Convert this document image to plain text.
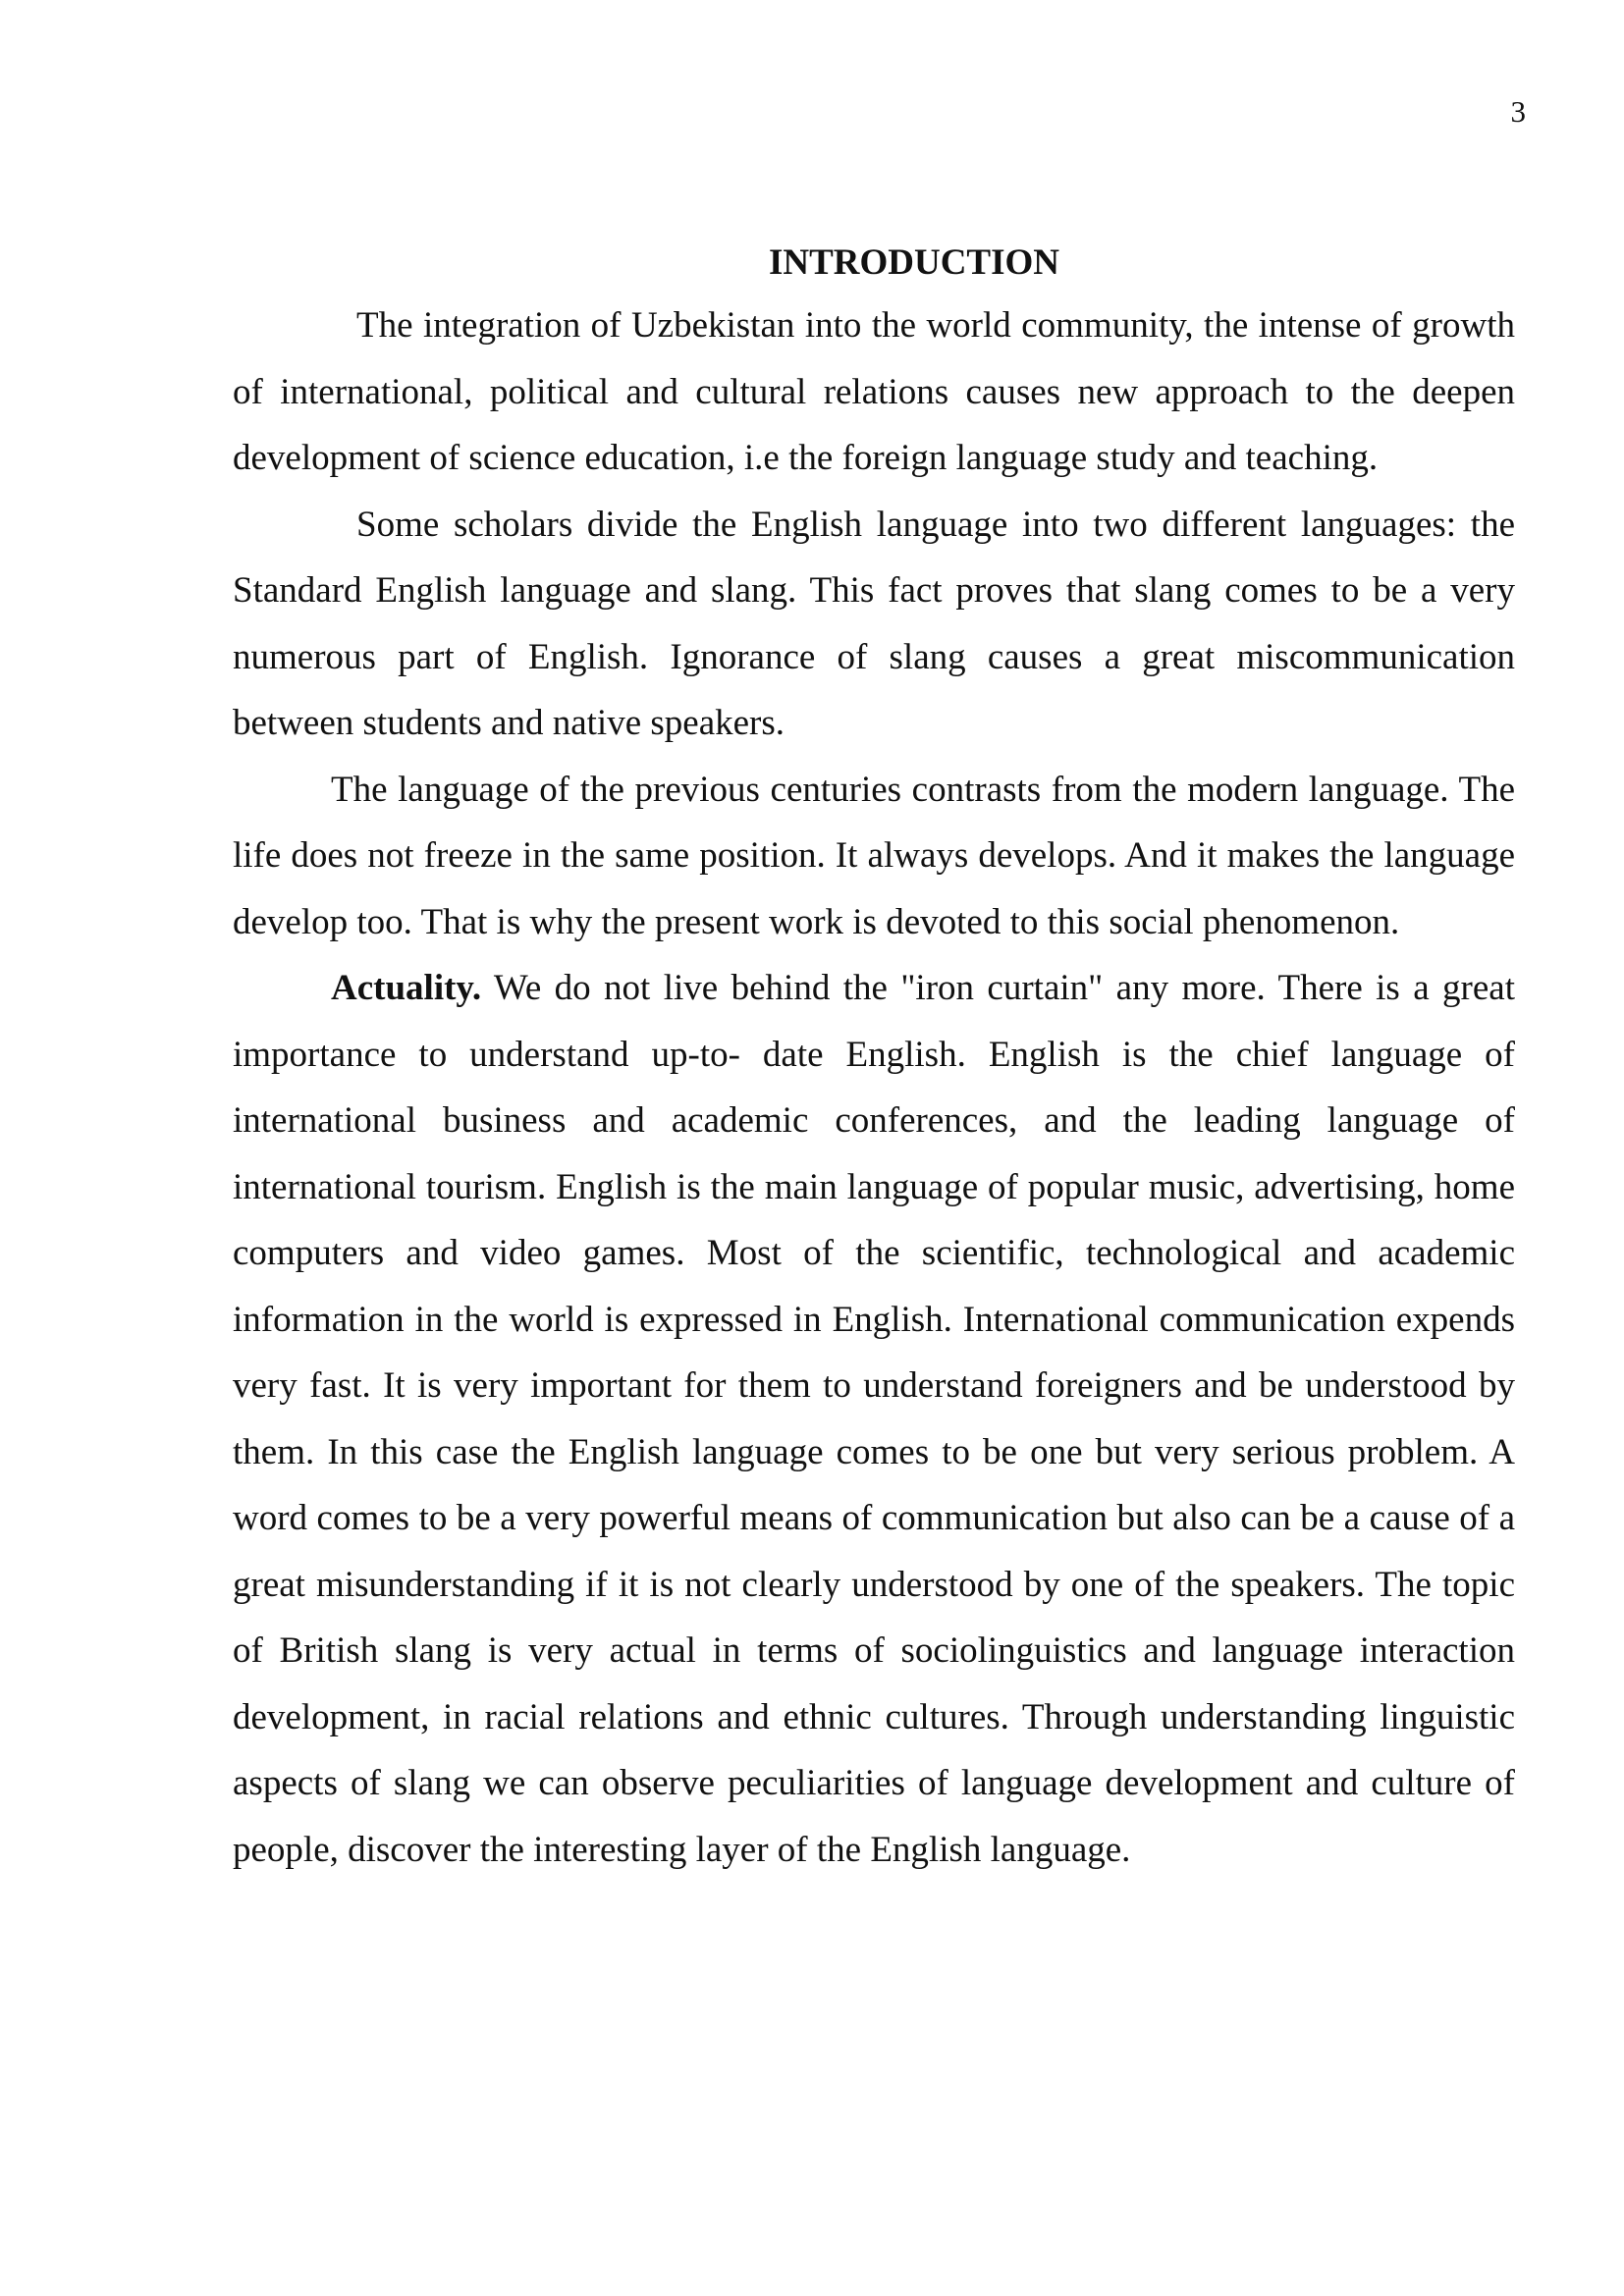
3
INTRODUCTION

The integration of Uzbekistan into the world community, the intense of growth of international, political and cultural relations causes new approach to the deepen development of science education, i.e the foreign language study and teaching.

Some scholars divide the English language into two different languages: the Standard English language and slang. This fact proves that slang comes to be a very numerous part of English. Ignorance of slang causes a great miscommunication between students and native speakers.

The language of the previous centuries contrasts from the modern language. The life does not freeze in the same position. It always develops. And it makes the language develop too. That is why the present work is devoted to this social phenomenon.

Actuality. We do not live behind the "iron curtain" any more. There is a great importance to understand up-to- date English. English is the chief language of international business and academic conferences, and the leading language of international tourism. English is the main language of popular music, advertising, home computers and video games. Most of the scientific, technological and academic information in the world is expressed in English. International communication expends very fast. It is very important for them to understand foreigners and be understood by them. In this case the English language comes to be one but very serious problem. A word comes to be a very powerful means of communication but also can be a cause of a great misunderstanding if it is not clearly understood by one of the speakers. The topic of British slang is very actual in terms of sociolinguistics and language interaction development, in racial relations and ethnic cultures. Through understanding linguistic aspects of slang we can observe peculiarities of language development and culture of people, discover the interesting layer of the English language.
